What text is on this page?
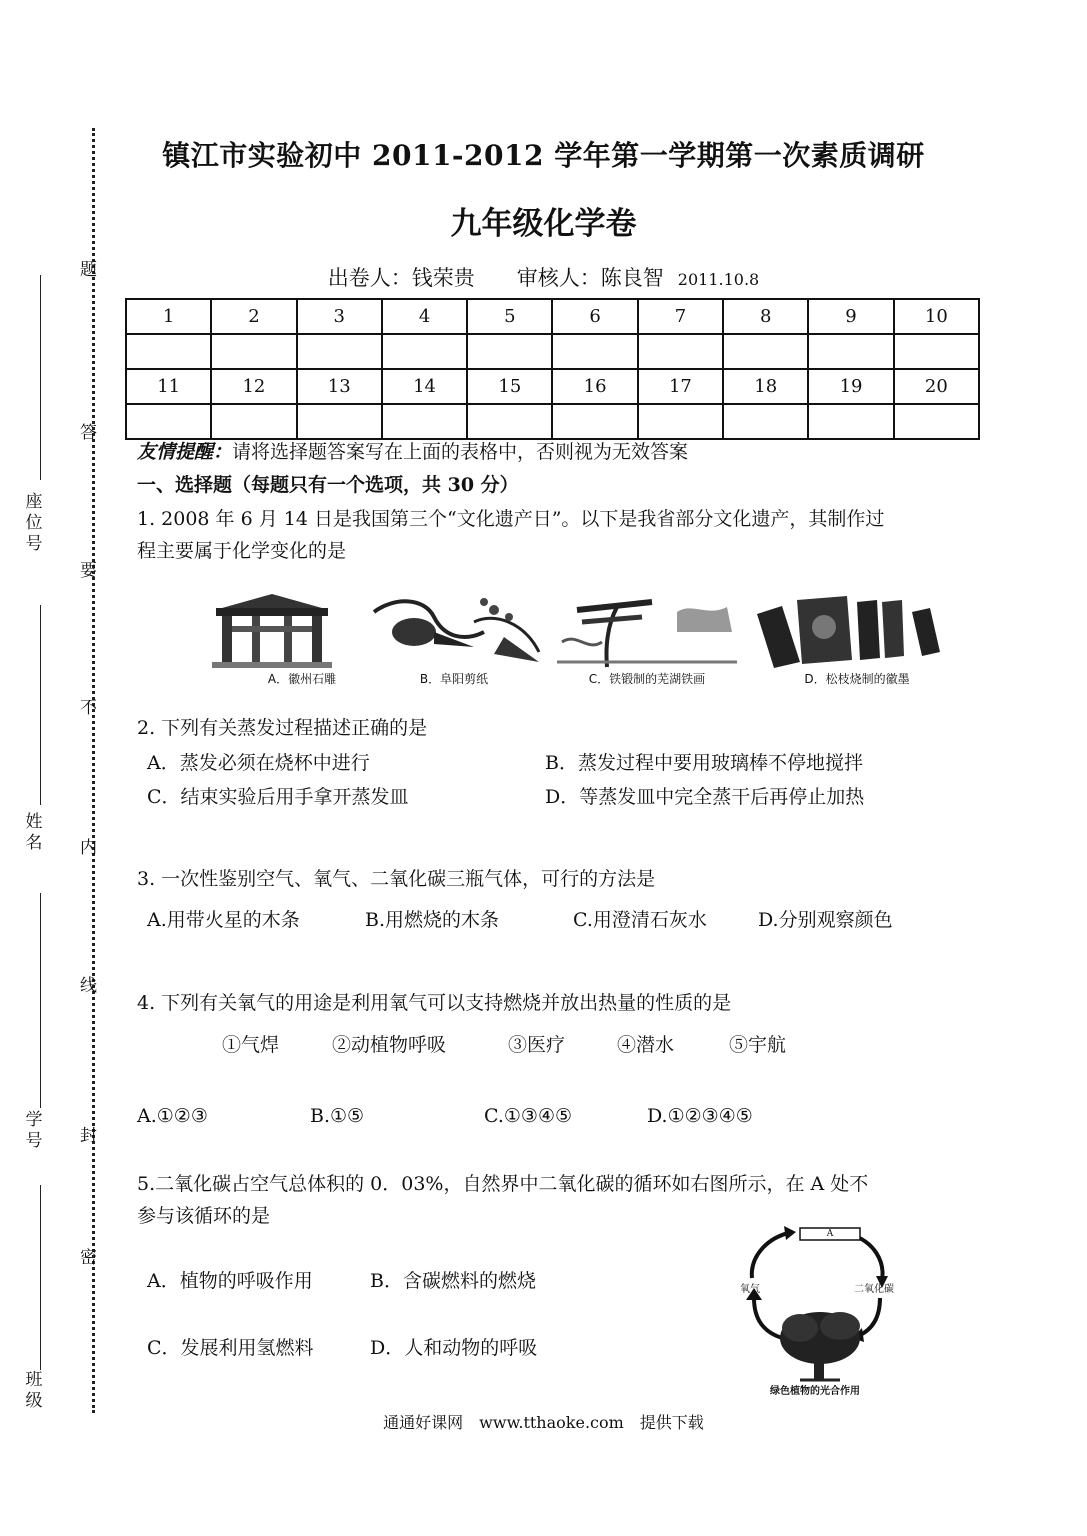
题
答
要
不
内
线
封
密
座位号
姓名
学号
班级
镇江市实验初中 2011-2012 学年第一学期第一次素质调研
九年级化学卷
出卷人：钱荣贵　　审核人：陈良智 2011.10.8
1	2	3	4	5	6	7	8	9	10

11	12	13	14	15	16	17	18	19	20

友情提醒：请将选择题答案写在上面的表格中，否则视为无效答案
一、选择题（每题只有一个选项，共 30 分）
1. 2008 年 6 月 14 日是我国第三个“文化遗产日”。以下是我省部分文化遗产，其制作过
程主要属于化学变化的是
A．徽州石雕	B．阜阳剪纸	C．铁锻制的芜湖铁画	D．松枝烧制的徽墨
2. 下列有关蒸发过程描述正确的是
A．蒸发必须在烧杯中进行	B．蒸发过程中要用玻璃棒不停地搅拌
C．结束实验后用手拿开蒸发皿	D．等蒸发皿中完全蒸干后再停止加热
3. 一次性鉴别空气、氧气、二氧化碳三瓶气体，可行的方法是
A.用带火星的木条	B.用燃烧的木条	C.用澄清石灰水	D.分别观察颜色
4. 下列有关氧气的用途是利用氧气可以支持燃烧并放出热量的性质的是
①气焊	②动植物呼吸	③医疗	④潜水	⑤宇航
A.①②③	B.①⑤	C.①③④⑤	D.①②③④⑤
5.二氧化碳占空气总体积的 0．03%，自然界中二氧化碳的循环如右图所示，在 A 处不
参与该循环的是
A．植物的呼吸作用	B．含碳燃料的燃烧
C．发展利用氢燃料	D．人和动物的呼吸
A
氧气	二氧化碳
绿色植物的光合作用
通通好课网　www.tthaoke.com　提供下载
